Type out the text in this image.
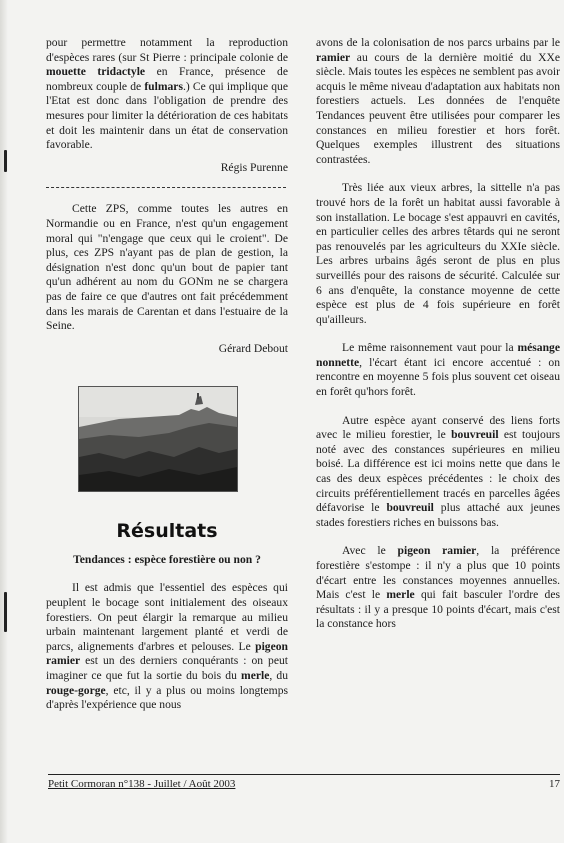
pour permettre notamment la reproduction d'espèces rares (sur St Pierre : principale colonie de mouette tridactyle en France, présence de nombreux couple de fulmars.) Ce qui implique que l'Etat est donc dans l'obligation de prendre des mesures pour limiter la détérioration de ces habitats et doit les maintenir dans un état de conservation favorable.

Régis Purenne

Cette ZPS, comme toutes les autres en Normandie ou en France, n'est qu'un engagement moral qui "n'engage que ceux qui le croient". De plus, ces ZPS n'ayant pas de plan de gestion, la désignation n'est donc qu'un bout de papier tant qu'un adhérent au nom du GONm ne se chargera pas de faire ce que d'autres ont fait précédemment dans les marais de Carentan et dans l'estuaire de la Seine.

Gérard Debout

Résultats

Tendances : espèce forestière ou non ?

Il est admis que l'essentiel des espèces qui peuplent le bocage sont initialement des oiseaux forestiers. On peut élargir la remarque au milieu urbain maintenant largement planté et verdi de parcs, alignements d'arbres et pelouses. Le pigeon ramier est un des derniers conquérants : on peut imaginer ce que fut la sortie du bois du merle, du rouge-gorge, etc, il y a plus ou moins longtemps d'après l'expérience que nous

avons de la colonisation de nos parcs urbains par le ramier au cours de la dernière moitié du XXe siècle. Mais toutes les espèces ne semblent pas avoir acquis le même niveau d'adaptation aux habitats non forestiers actuels. Les données de l'enquête Tendances peuvent être utilisées pour comparer les constances en milieu forestier et hors forêt. Quelques exemples illustrent des situations contrastées.

Très liée aux vieux arbres, la sittelle n'a pas trouvé hors de la forêt un habitat aussi favorable à son installation. Le bocage s'est appauvri en cavités, en particulier celles des arbres têtards qui ne seront pas renouvelés par les agriculteurs du XXIe siècle. Les arbres urbains âgés seront de plus en plus surveillés pour des raisons de sécurité. Calculée sur 6 ans d'enquête, la constance moyenne de cette espèce est plus de 4 fois supérieure en forêt qu'ailleurs.

Le même raisonnement vaut pour la mésange nonnette, l'écart étant ici encore accentué : on rencontre en moyenne 5 fois plus souvent cet oiseau en forêt qu'hors forêt.

Autre espèce ayant conservé des liens forts avec le milieu forestier, le bouvreuil est toujours noté avec des constances supérieures en milieu boisé. La différence est ici moins nette que dans le cas des deux espèces précédentes : le choix des circuits préférentiellement tracés en parcelles âgées défavorise le bouvreuil plus attaché aux jeunes stades forestiers riches en buissons bas.

Avec le pigeon ramier, la préférence forestière s'estompe : il n'y a plus que 10 points d'écart entre les constances moyennes annuelles. Mais c'est le merle qui fait basculer l'ordre des résultats : il y a presque 10 points d'écart, mais c'est la constance hors

Petit Cormoran n°138 - Juillet / Août 2003	17
